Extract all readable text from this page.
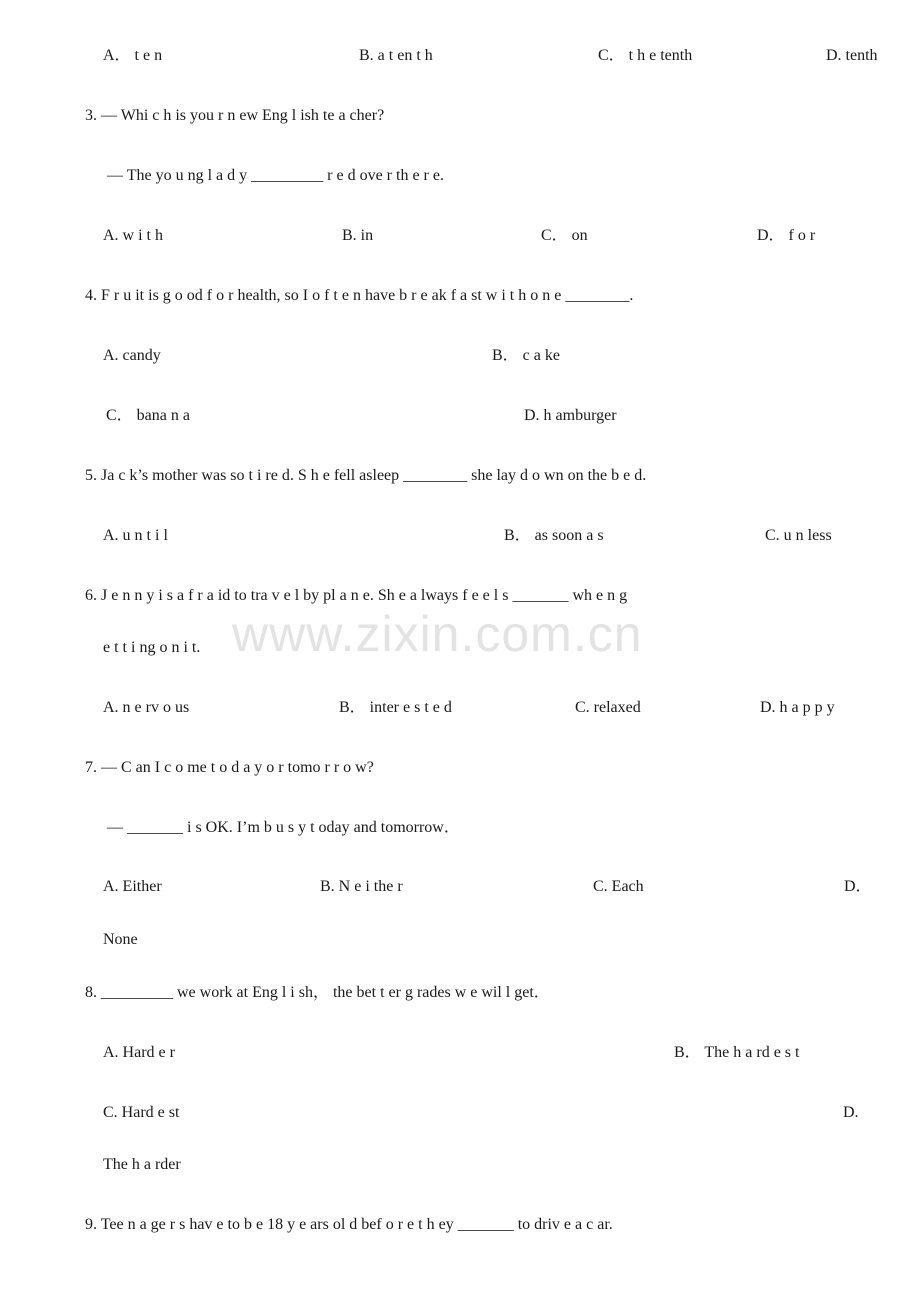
www.zixin.com.cn
A． t e n	B. a t en t h	C． t h e tenth	D. tenth
3. — Whi c h is you r n ew Eng l ish te a cher?
— The yo u ng l a d y _________ r e d ove r th e r e.
A. w i t h	B. in	C． on	D． f o r
4. F r u it is g o od f o r health, so I o f t e n have b r e ak f a st w i t h o n e ________.
A. candy	B． c a ke
C． bana n a	D. h amburger
5. Ja c k’s mother was so t i re d. S h e fell asleep ________ she lay d o wn on the b e d.
A. u n t i l	B． as soon a s	C. u n less
6. J e n n y i s a f r a id to tra v e l by pl a n e. Sh e a lways f e e l s _______ wh e n g
e t t i ng o n i t.
A. n e rv o us	B． inter e s t e d	C. relaxed	D. h a p p y
7. — C an I c o me t o d a y o r tomo r r o w?
— _______ i s OK. I’m b u s y t oday and tomorrow．
A. Either	B. N e i the r	C. Each	D．
None
8. _________ we work at Eng l i sh， the bet t er g rades w e wil l get．
A. Hard e r	B． The h a rd e s t
C. Hard e st	D.
The h a rder
9. Tee n a ge r s hav e to b e 18 y e ars ol d bef o r e t h ey _______ to driv e a c ar.
